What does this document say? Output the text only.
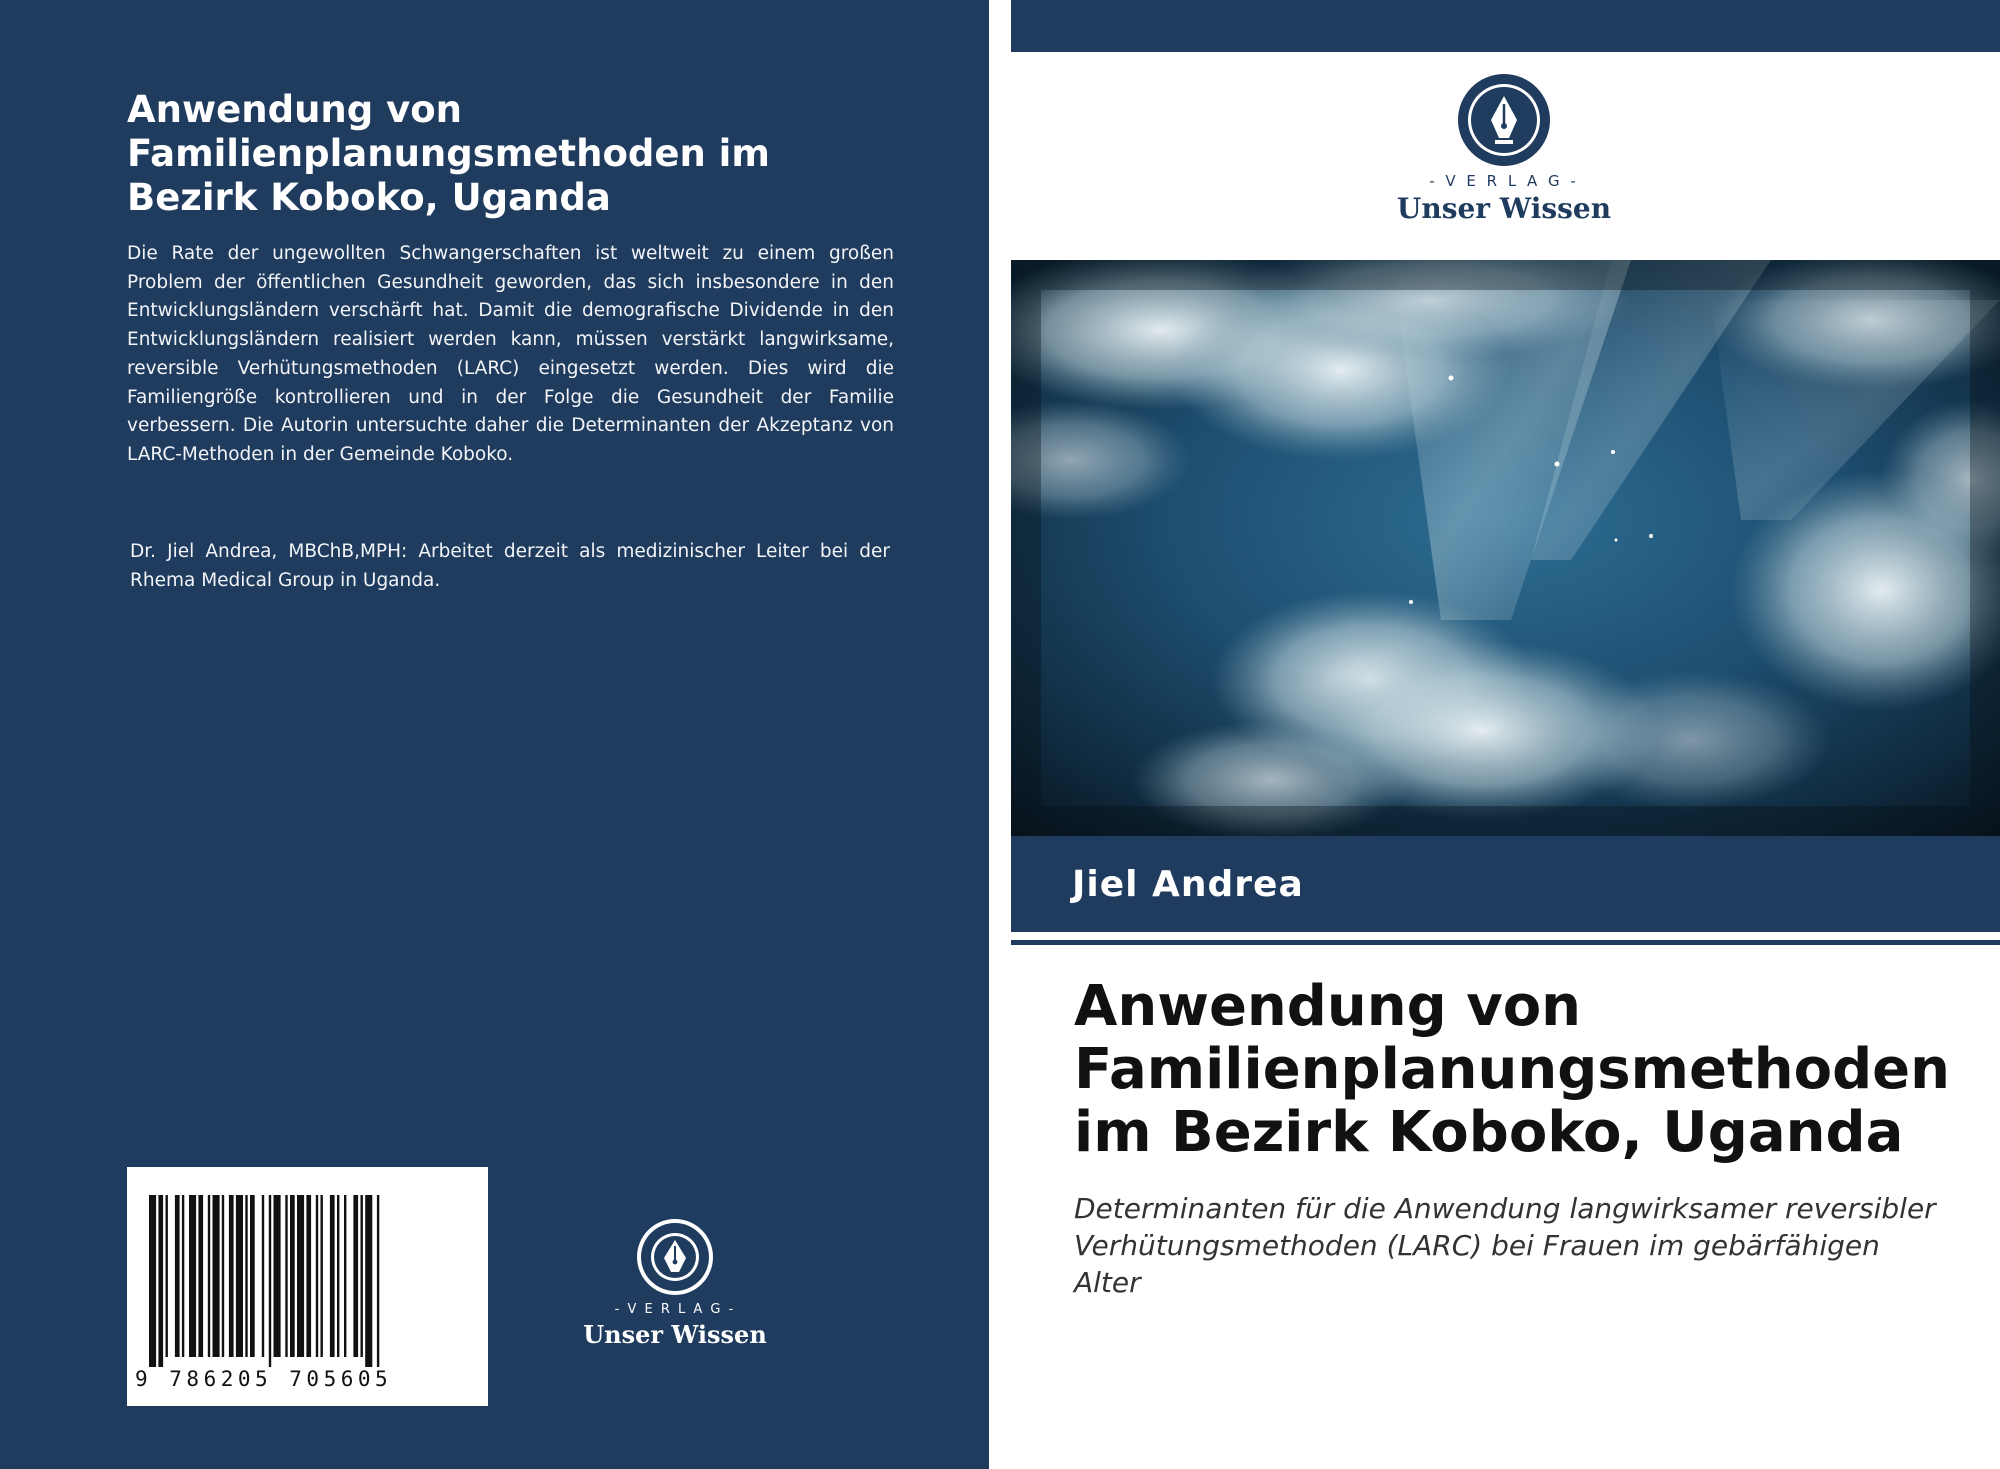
Anwendung von Familienplanungsmethoden im Bezirk Koboko, Uganda

Die Rate der ungewollten Schwangerschaften ist weltweit zu einem großen Problem der öffentlichen Gesundheit geworden, das sich insbesondere in den Entwicklungsländern verschärft hat. Damit die demografische Dividende in den Entwicklungsländern realisiert werden kann, müssen verstärkt langwirksame, reversible Verhütungsmethoden (LARC) eingesetzt werden. Dies wird die Familiengröße kontrollieren und in der Folge die Gesundheit der Familie verbessern. Die Autorin untersuchte daher die Determinanten der Akzeptanz von LARC-Methoden in der Gemeinde Koboko.

Dr. Jiel Andrea, MBChB,MPH: Arbeitet derzeit als medizinischer Leiter bei der Rhema Medical Group in Uganda.

9 786205 705605
- V E R L A G -
Unser Wissen
- V E R L A G -
Unser Wissen
Jiel Andrea
Anwendung von Familienplanungsmethoden im Bezirk Koboko, Uganda

Determinanten für die Anwendung langwirksamer reversibler Verhütungsmethoden (LARC) bei Frauen im gebärfähigen Alter
